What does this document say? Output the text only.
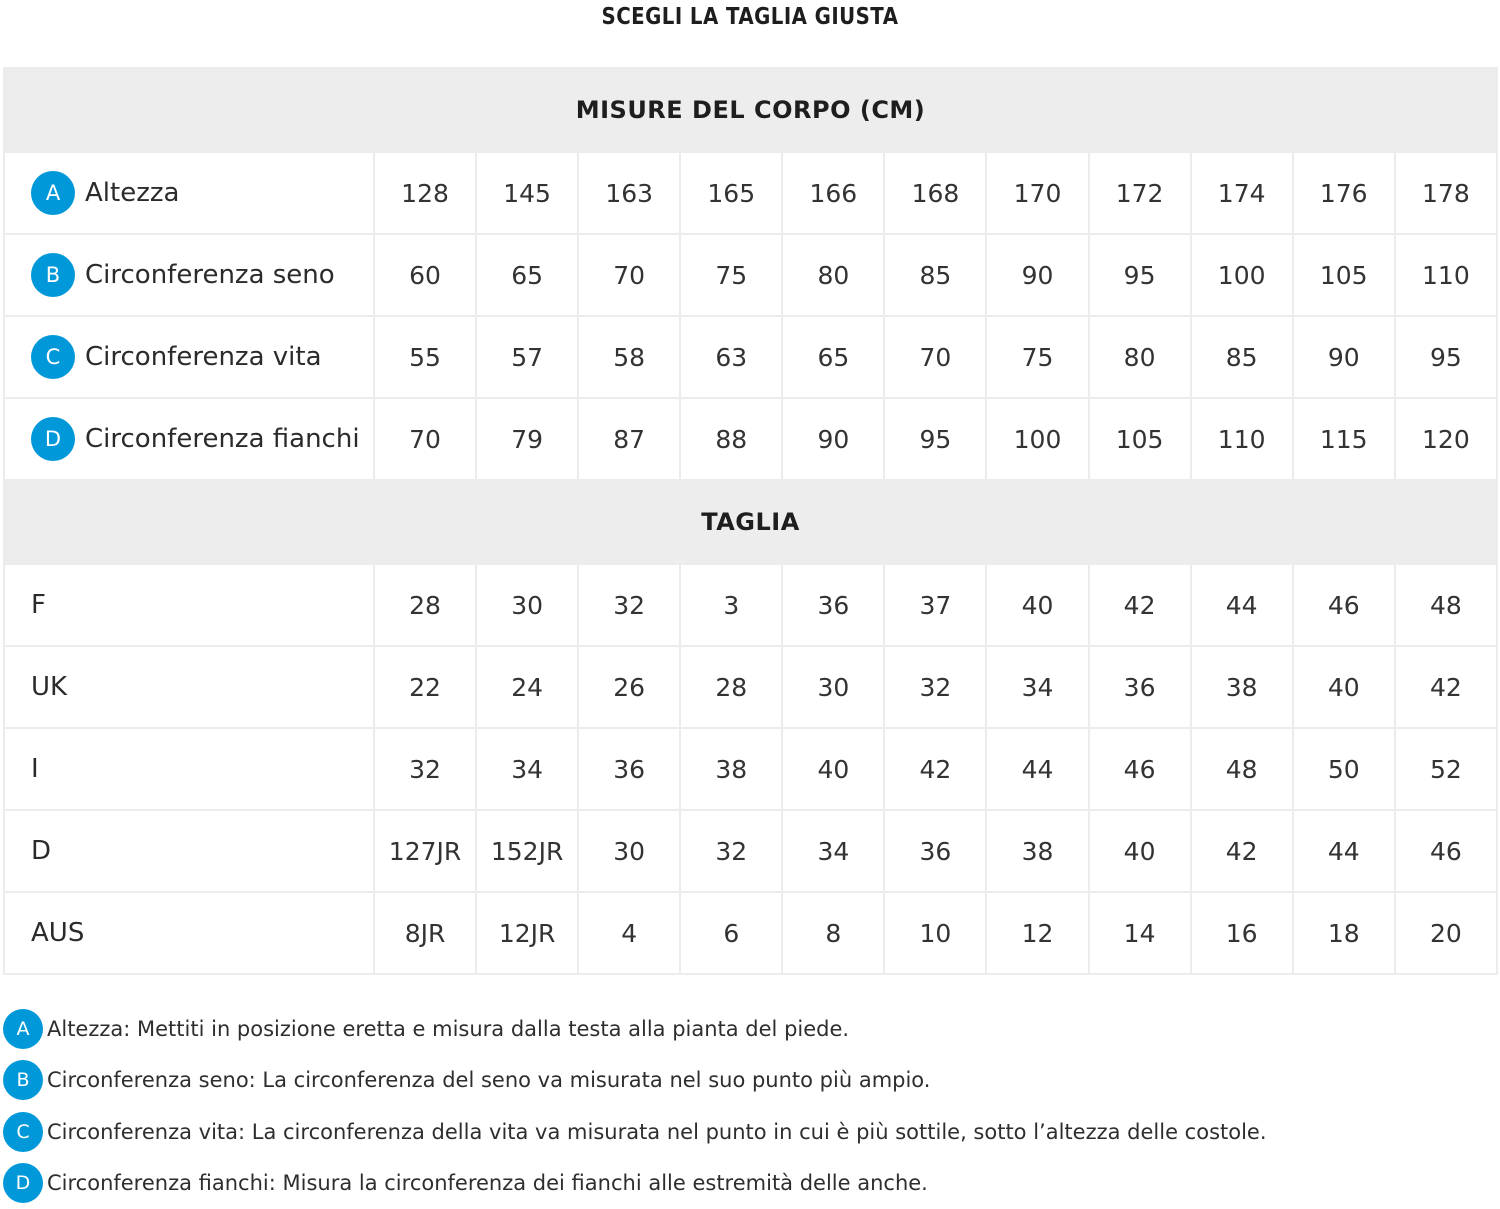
SCEGLI LA TAGLIA GIUSTA
MISURE DEL CORPO (CM)											
A Altezza	128	145	163	165	166	168	170	172	174	176	178
B Circonferenza seno	60	65	70	75	80	85	90	95	100	105	110
C Circonferenza vita	55	57	58	63	65	70	75	80	85	90	95
D Circonferenza fianchi	70	79	87	88	90	95	100	105	110	115	120
TAGLIA											
F	28	30	32	3	36	37	40	42	44	46	48
UK	22	24	26	28	30	32	34	36	38	40	42
I	32	34	36	38	40	42	44	46	48	50	52
D	127JR	152JR	30	32	34	36	38	40	42	44	46
AUS	8JR	12JR	4	6	8	10	12	14	16	18	20
A Altezza: Mettiti in posizione eretta e misura dalla testa alla pianta del piede.
B Circonferenza seno: La circonferenza del seno va misurata nel suo punto più ampio.
C Circonferenza vita: La circonferenza della vita va misurata nel punto in cui è più sottile, sotto l’altezza delle costole.
D Circonferenza fianchi: Misura la circonferenza dei fianchi alle estremità delle anche.
